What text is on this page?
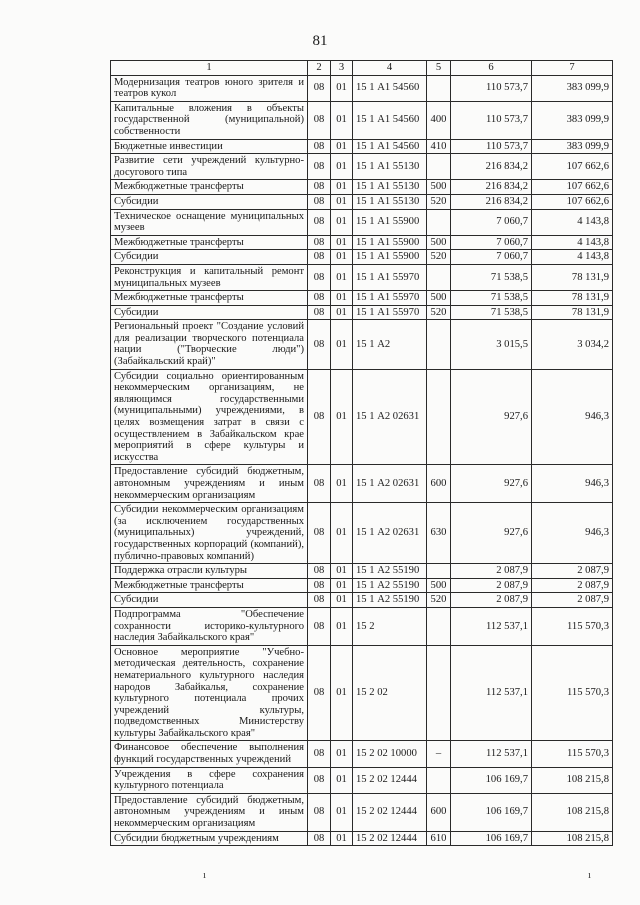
81
1	2	3	4	5	6	7
Модернизация театров юного зрителя и театров кукол	08	01	15 1 А1 54560		110 573,7	383 099,9
Капитальные вложения в объекты государственной (муниципальной) собственности	08	01	15 1 А1 54560	400	110 573,7	383 099,9
Бюджетные инвестиции	08	01	15 1 А1 54560	410	110 573,7	383 099,9
Развитие сети учреждений культурно-досугового типа	08	01	15 1 А1 55130		216 834,2	107 662,6
Межбюджетные трансферты	08	01	15 1 А1 55130	500	216 834,2	107 662,6
Субсидии	08	01	15 1 А1 55130	520	216 834,2	107 662,6
Техническое оснащение муниципальных музеев	08	01	15 1 А1 55900		7 060,7	4 143,8
Межбюджетные трансферты	08	01	15 1 А1 55900	500	7 060,7	4 143,8
Субсидии	08	01	15 1 А1 55900	520	7 060,7	4 143,8
Реконструкция и капитальный ремонт муниципальных музеев	08	01	15 1 А1 55970		71 538,5	78 131,9
Межбюджетные трансферты	08	01	15 1 А1 55970	500	71 538,5	78 131,9
Субсидии	08	01	15 1 А1 55970	520	71 538,5	78 131,9
Региональный проект "Создание условий для реализации творческого потенциала нации ("Творческие люди") (Забайкальский край)"	08	01	15 1 А2		3 015,5	3 034,2
Субсидии социально ориентированным некоммерческим организациям, не являющимся государственными (муниципальными) учреждениями, в целях возмещения затрат в связи с осуществлением в Забайкальском крае мероприятий в сфере культуры и искусства	08	01	15 1 А2 02631		927,6	946,3
Предоставление субсидий бюджетным, автономным учреждениям и иным некоммерческим организациям	08	01	15 1 А2 02631	600	927,6	946,3
Субсидии некоммерческим организациям (за исключением государственных (муниципальных) учреждений, государственных корпораций (компаний), публично-правовых компаний)	08	01	15 1 А2 02631	630	927,6	946,3
Поддержка отрасли культуры	08	01	15 1 А2 55190		2 087,9	2 087,9
Межбюджетные трансферты	08	01	15 1 А2 55190	500	2 087,9	2 087,9
Субсидии	08	01	15 1 А2 55190	520	2 087,9	2 087,9
Подпрограмма "Обеспечение сохранности историко-культурного наследия Забайкальского края"	08	01	15 2		112 537,1	115 570,3
Основное мероприятие "Учебно-методическая деятельность, сохранение нематериального культурного наследия народов Забайкалья, сохранение культурного потенциала прочих учреждений культуры, подведомственных Министерству культуры Забайкальского края"	08	01	15 2 02		112 537,1	115 570,3
Финансовое обеспечение выполнения функций государственных учреждений	08	01	15 2 02 10000	–	112 537,1	115 570,3
Учреждения в сфере сохранения культурного потенциала	08	01	15 2 02 12444		106 169,7	108 215,8
Предоставление субсидий бюджетным, автономным учреждениям и иным некоммерческим организациям	08	01	15 2 02 12444	600	106 169,7	108 215,8
Субсидии бюджетным учреждениям	08	01	15 2 02 12444	610	106 169,7	108 215,8
ı	ı
